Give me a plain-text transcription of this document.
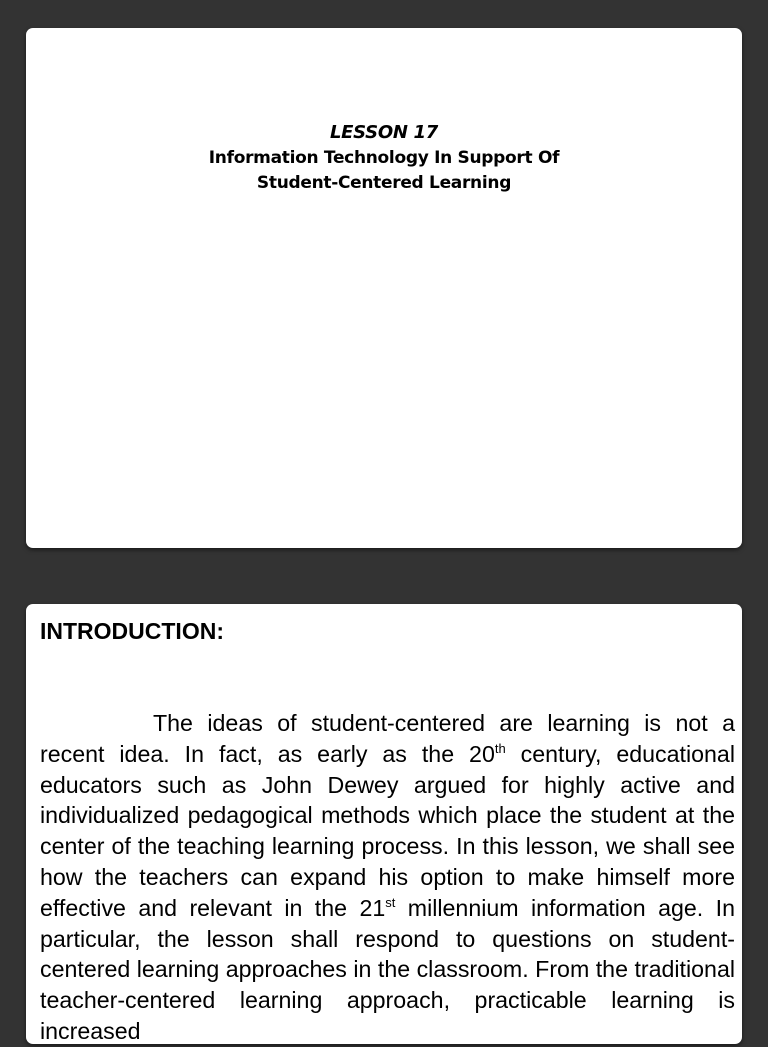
LESSON 17
Information Technology In Support Of
Student-Centered Learning
INTRODUCTION:

The ideas of student-centered are learning is not a recent idea. In fact, as early as the 20th century, educational educators such as John Dewey argued for highly active and individualized pedagogical methods which place the student at the center of the teaching learning process. In this lesson, we shall see how the teachers can expand his option to make himself more effective and relevant in the 21st millennium information age. In particular, the lesson shall respond to questions on student-centered learning approaches in the classroom. From the traditional teacher-centered learning approach, practicable learning is increased
